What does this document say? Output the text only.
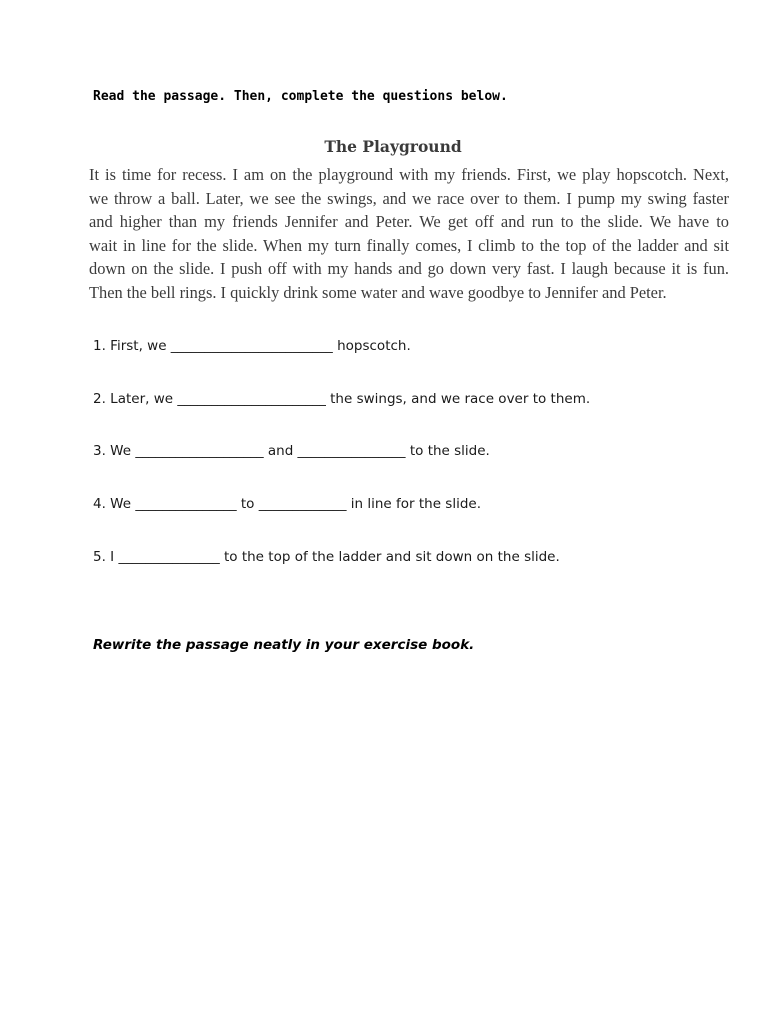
Read the passage. Then, complete the questions below.
The Playground
It is time for recess. I am on the playground with my friends. First, we play hopscotch. Next,
we throw a ball. Later, we see the swings, and we race over to them. I pump my swing faster
and higher than my friends Jennifer and Peter. We get off and run to the slide. We have to
wait in line for the slide. When my turn finally comes, I climb to the top of the ladder and sit
down on the slide. I push off with my hands and go down very fast. I laugh because it is fun.
Then the bell rings. I quickly drink some water and wave goodbye to Jennifer and Peter.
1. First, we ________________________ hopscotch.
2. Later, we ______________________ the swings, and we race over to them.
3. We ___________________ and ________________ to the slide.
4. We _______________ to _____________ in line for the slide.
5. I _______________ to the top of the ladder and sit down on the slide.
Rewrite the passage neatly in your exercise book.
